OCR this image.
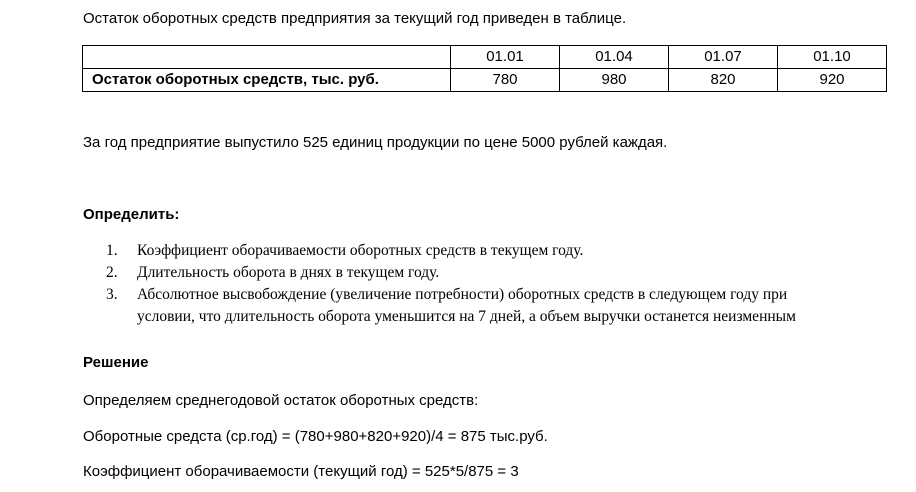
Остаток оборотных средств предприятия за текущий год приведен в таблице.

	01.01	01.04	01.07	01.10
Остаток оборотных средств, тыс. руб.	780	980	820	920

За год предприятие выпустило 525 единиц продукции по цене 5000 рублей каждая.

Определить:

1. Коэффициент оборачиваемости оборотных средств в текущем году.
2. Длительность оборота в днях в текущем году.
3. Абсолютное высвобождение (увеличение потребности) оборотных средств в следующем году при
условии, что длительность оборота уменьшится на 7 дней, а объем выручки останется неизменным

Решение

Определяем среднегодовой остаток оборотных средств:

Оборотные средста (ср.год) = (780+980+820+920)/4 = 875 тыс.руб.

Коэффициент оборачиваемости (текущий год) = 525*5/875 = 3
